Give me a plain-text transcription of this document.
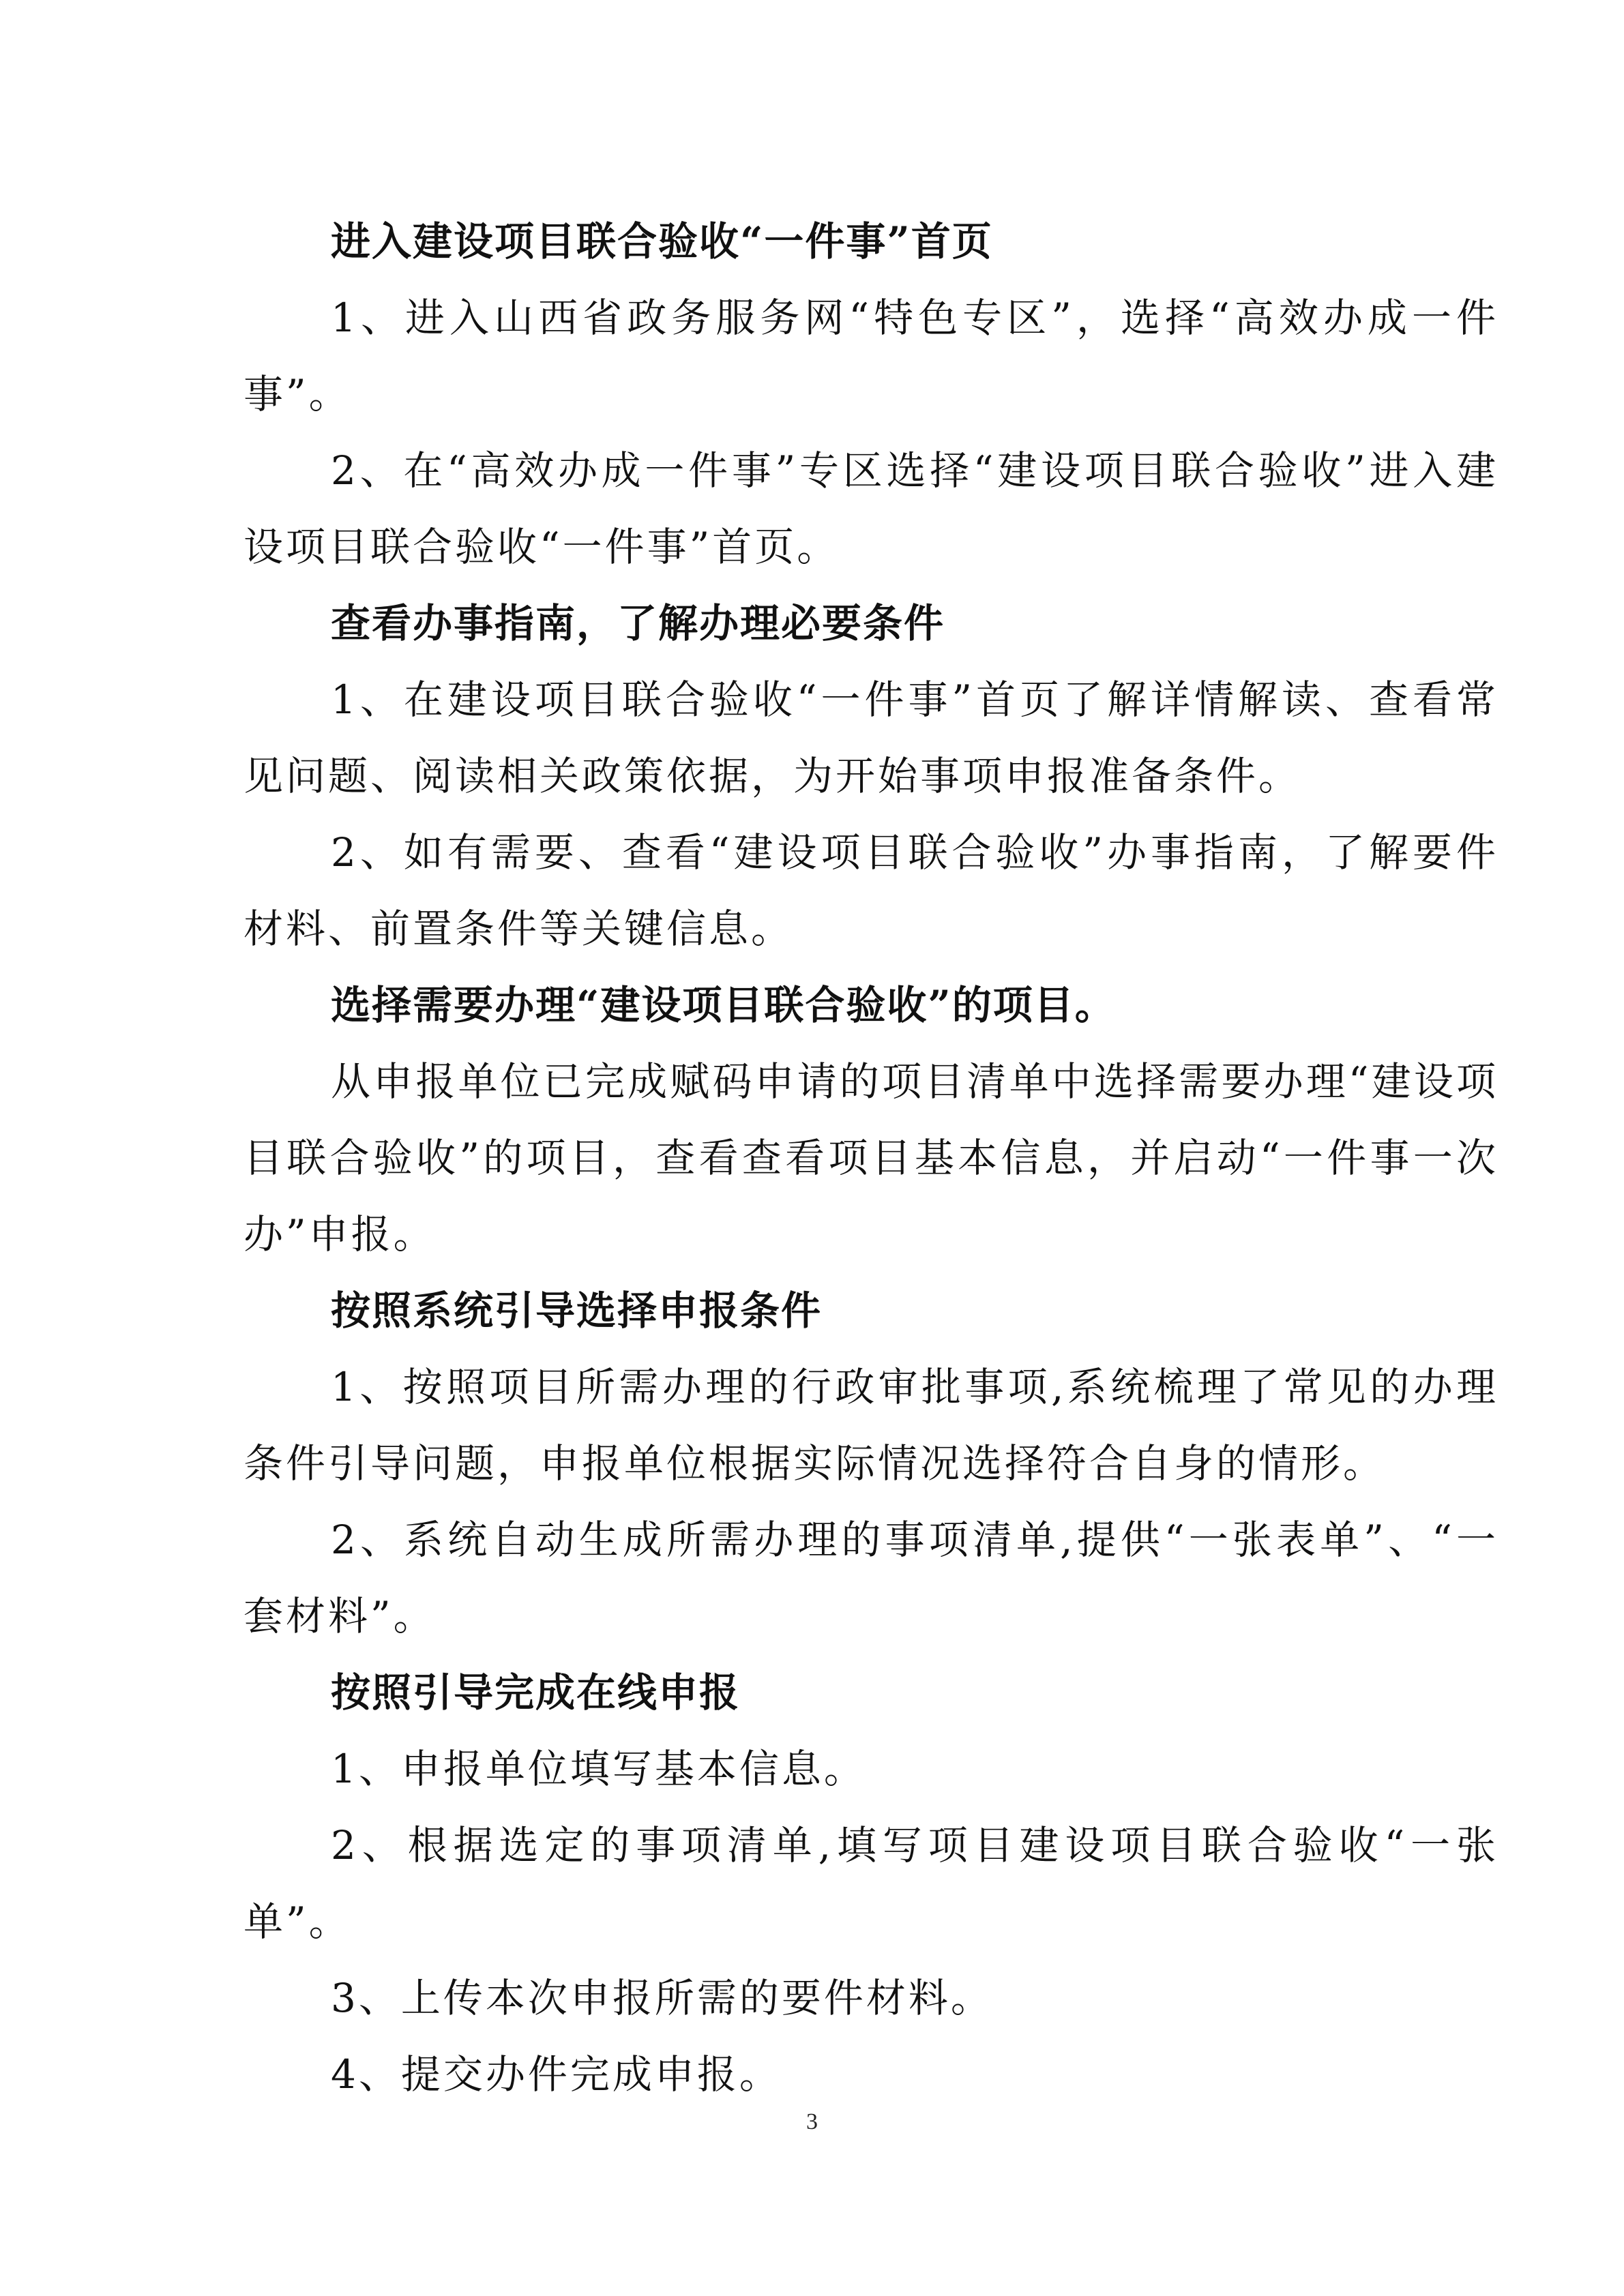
进入建设项目联合验收“一件事”首页

1、进入山西省政务服务网“特色专区”，选择“高效办成一件事”。

2、在“高效办成一件事”专区选择“建设项目联合验收”进入建设项目联合验收“一件事”首页。

查看办事指南，了解办理必要条件

1、在建设项目联合验收“一件事”首页了解详情解读、查看常见问题、阅读相关政策依据，为开始事项申报准备条件。

2、如有需要、查看“建设项目联合验收”办事指南，了解要件材料、前置条件等关键信息。

选择需要办理“建设项目联合验收”的项目。

从申报单位已完成赋码申请的项目清单中选择需要办理“建设项目联合验收”的项目，查看查看项目基本信息，并启动“一件事一次办”申报。

按照系统引导选择申报条件

1、按照项目所需办理的行政审批事项,系统梳理了常见的办理条件引导问题，申报单位根据实际情况选择符合自身的情形。

2、系统自动生成所需办理的事项清单,提供“一张表单”、“一套材料”。

按照引导完成在线申报

1、申报单位填写基本信息。

2、根据选定的事项清单,填写项目建设项目联合验收“一张单”。

3、上传本次申报所需的要件材料。

4、提交办件完成申报。

3
